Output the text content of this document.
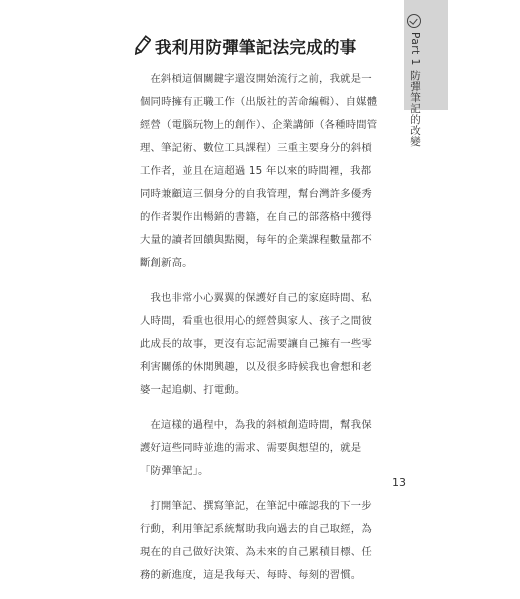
Part 1 防彈筆記的改變
我利用防彈筆記法完成的事

在斜槓這個關鍵字還沒開始流行之前，我就是一個同時擁有正職工作（出版社的苦命編輯）、自媒體經營（電腦玩物上的創作）、企業講師（各種時間管理、筆記術、數位工具課程）三重主要身分的斜槓工作者，並且在這超過 15 年以來的時間裡，我都同時兼顧這三個身分的自我管理，幫台灣許多優秀的作者製作出暢銷的書籍，在自己的部落格中獲得大量的讀者回饋與點閱，每年的企業課程數量都不斷創新高。

我也非常小心翼翼的保護好自己的家庭時間、私人時間，看重也很用心的經營與家人、孩子之間彼此成長的故事，更沒有忘記需要讓自己擁有一些零利害關係的休閒興趣，以及很多時候我也會想和老婆一起追劇、打電動。

在這樣的過程中，為我的斜槓創造時間，幫我保護好這些同時並進的需求、需要與想望的，就是「防彈筆記」。

打開筆記、撰寫筆記，在筆記中確認我的下一步行動，利用筆記系統幫助我向過去的自己取經，為現在的自己做好決策、為未來的自己累積目標、任務的新進度，這是我每天、每時、每刻的習慣。

13
